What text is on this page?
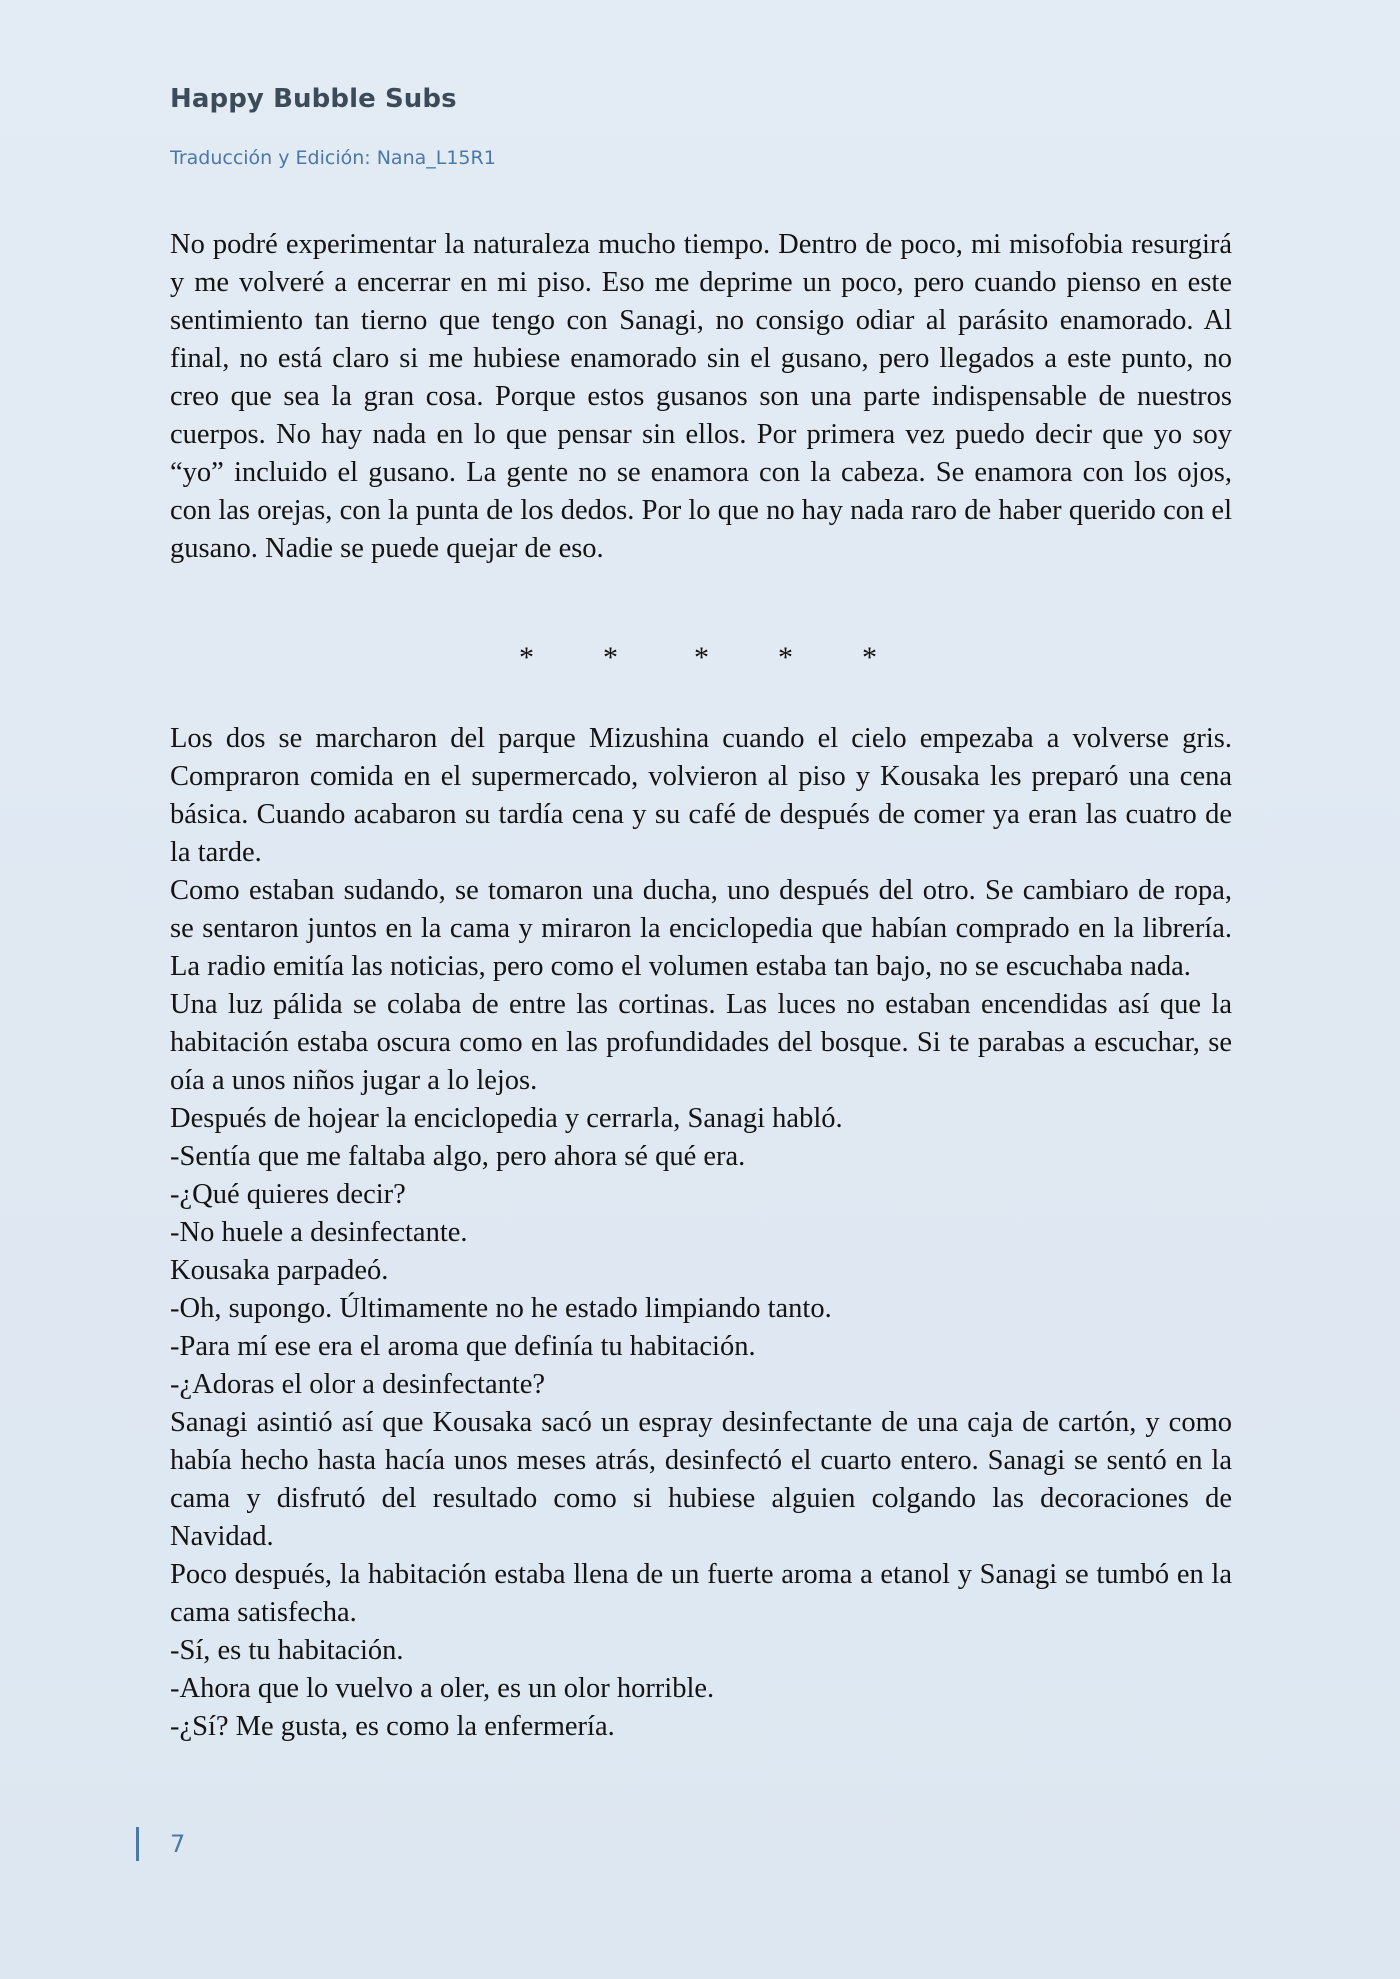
Happy Bubble Subs
Traducción y Edición: Nana_L15R1

No podré experimentar la naturaleza mucho tiempo. Dentro de poco, mi misofobia resurgirá y me volveré a encerrar en mi piso. Eso me deprime un poco, pero cuando pienso en este sentimiento tan tierno que tengo con Sanagi, no consigo odiar al parásito enamorado. Al final, no está claro si me hubiese enamorado sin el gusano, pero llegados a este punto, no creo que sea la gran cosa. Porque estos gusanos son una parte indispensable de nuestros cuerpos. No hay nada en lo que pensar sin ellos. Por primera vez puedo decir que yo soy “yo” incluido el gusano. La gente no se enamora con la cabeza. Se enamora con los ojos, con las orejas, con la punta de los dedos. Por lo que no hay nada raro de haber querido con el gusano. Nadie se puede quejar de eso.

* *	* * *

Los dos se marcharon del parque Mizushina cuando el cielo empezaba a volverse gris. Compraron comida en el supermercado, volvieron al piso y Kousaka les preparó una cena básica. Cuando acabaron su tardía cena y su café de después de comer ya eran las cuatro de la tarde.

Como estaban sudando, se tomaron una ducha, uno después del otro. Se cambiaro de ropa, se sentaron juntos en la cama y miraron la enciclopedia que habían comprado en la librería. La radio emitía las noticias, pero como el volumen estaba tan bajo, no se escuchaba nada.

Una luz pálida se colaba de entre las cortinas. Las luces no estaban encendidas así que la habitación estaba oscura como en las profundidades del bosque. Si te parabas a escuchar, se oía a unos niños jugar a lo lejos.

Después de hojear la enciclopedia y cerrarla, Sanagi habló.

-Sentía que me faltaba algo, pero ahora sé qué era.

-¿Qué quieres decir?

-No huele a desinfectante.

Kousaka parpadeó.

-Oh, supongo. Últimamente no he estado limpiando tanto.

-Para mí ese era el aroma que definía tu habitación.

-¿Adoras el olor a desinfectante?

Sanagi asintió así que Kousaka sacó un espray desinfectante de una caja de cartón, y como había hecho hasta hacía unos meses atrás, desinfectó el cuarto entero. Sanagi se sentó en la cama y disfrutó del resultado como si hubiese alguien colgando las decoraciones de Navidad.

Poco después, la habitación estaba llena de un fuerte aroma a etanol y Sanagi se tumbó en la cama satisfecha.

-Sí, es tu habitación.

-Ahora que lo vuelvo a oler, es un olor horrible.

-¿Sí? Me gusta, es como la enfermería.

7
